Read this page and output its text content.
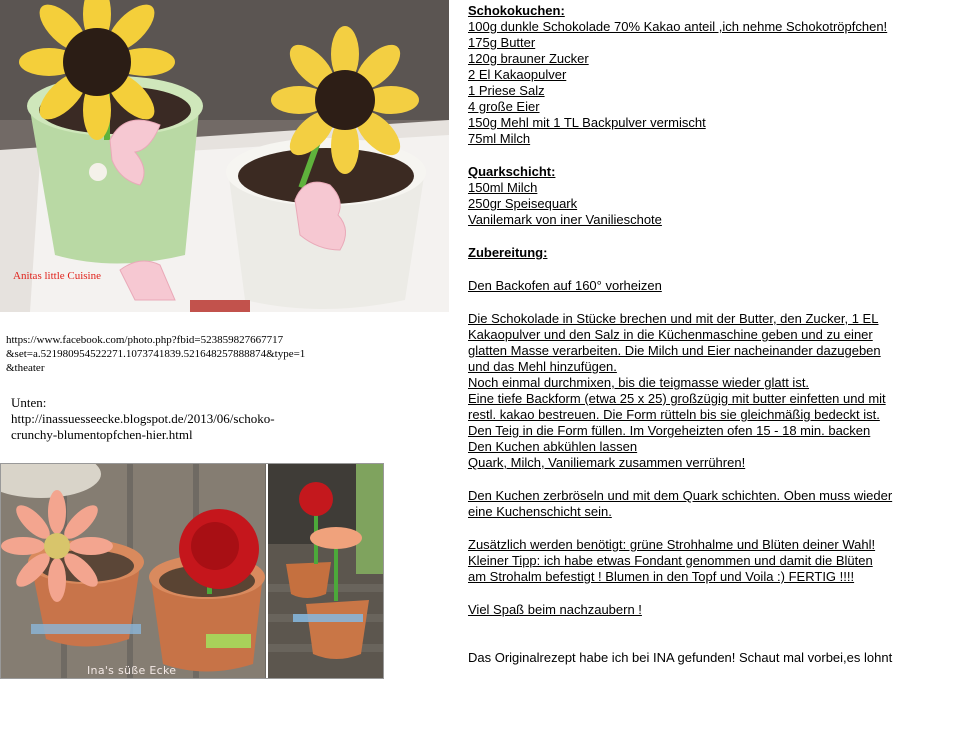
Anitas little Cuisine
https://www.facebook.com/photo.php?fbid=523859827667717
&set=a.521980954522271.1073741839.521648257888874&type=1
&theater
Unten:
http://inassuesseecke.blogspot.de/2013/06/schoko-
crunchy-blumentopfchen-hier.html
Ina's süße Ecke
Schokokuchen:
100g dunkle Schokolade 70% Kakao anteil ,ich nehme Schokotröpfchen!
175g Butter
120g brauner Zucker
2 El Kakaopulver
1 Priese Salz
4 große Eier
150g Mehl mit 1 TL Backpulver vermischt
75ml Milch
Quarkschicht:
150ml Milch
250gr Speisequark
Vanilemark von iner Vanilieschote
Zubereitung:
Den Backofen auf 160° vorheizen
Die Schokolade in Stücke brechen und mit der Butter, den Zucker, 1 EL
Kakaopulver und den Salz in die Küchenmaschine geben und zu einer
glatten Masse verarbeiten. Die Milch und Eier nacheinander dazugeben
und das Mehl hinzufügen.
Noch einmal durchmixen, bis die teigmasse wieder glatt ist.
Eine tiefe Backform (etwa 25 x 25) großzügig mit butter einfetten und mit
restl. kakao bestreuen. Die Form rütteln bis sie gleichmäßig bedeckt ist.
Den Teig in die Form füllen. Im Vorgeheizten ofen 15 - 18 min. backen
Den Kuchen abkühlen lassen
Quark, Milch, Vaniliemark zusammen verrühren!
Den Kuchen zerbröseln und mit dem Quark schichten. Oben muss wieder
eine Kuchenschicht sein.
Zusätzlich werden benötigt: grüne Strohhalme und Blüten deiner Wahl!
Kleiner Tipp: ich habe etwas Fondant genommen und damit die Blüten
am Strohalm befestigt ! Blumen in den Topf und Voila :) FERTIG !!!!
Viel Spaß beim nachzaubern !
Das Originalrezept habe ich bei INA gefunden! Schaut mal vorbei,es lohnt
